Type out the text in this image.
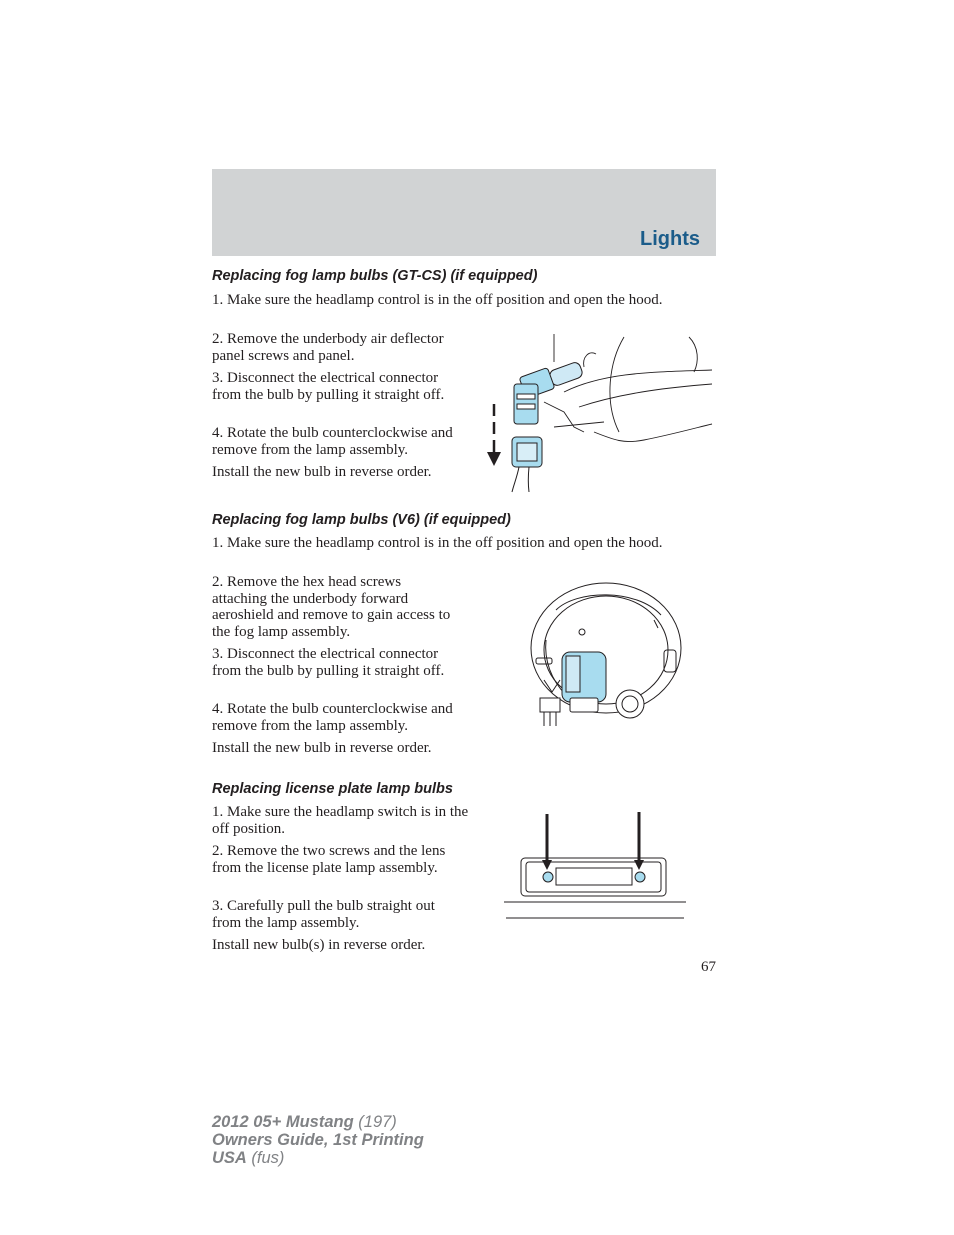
Lights
Replacing fog lamp bulbs (GT-CS) (if equipped)
1. Make sure the headlamp control is in the off position and open the hood.
2. Remove the underbody air deflector panel screws and panel.
3. Disconnect the electrical connector from the bulb by pulling it straight off.
4. Rotate the bulb counterclockwise and remove from the lamp assembly.
Install the new bulb in reverse order.
Replacing fog lamp bulbs (V6) (if equipped)
1. Make sure the headlamp control is in the off position and open the hood.
2. Remove the hex head screws attaching the underbody forward aeroshield and remove to gain access to the fog lamp assembly.
3. Disconnect the electrical connector from the bulb by pulling it straight off.
4. Rotate the bulb counterclockwise and remove from the lamp assembly.
Install the new bulb in reverse order.
Replacing license plate lamp bulbs
1. Make sure the headlamp switch is in the off position.
2. Remove the two screws and the lens from the license plate lamp assembly.
3. Carefully pull the bulb straight out from the lamp assembly.
Install new bulb(s) in reverse order.
67
2012 05+ Mustang (197)
Owners Guide, 1st Printing
USA (fus)
